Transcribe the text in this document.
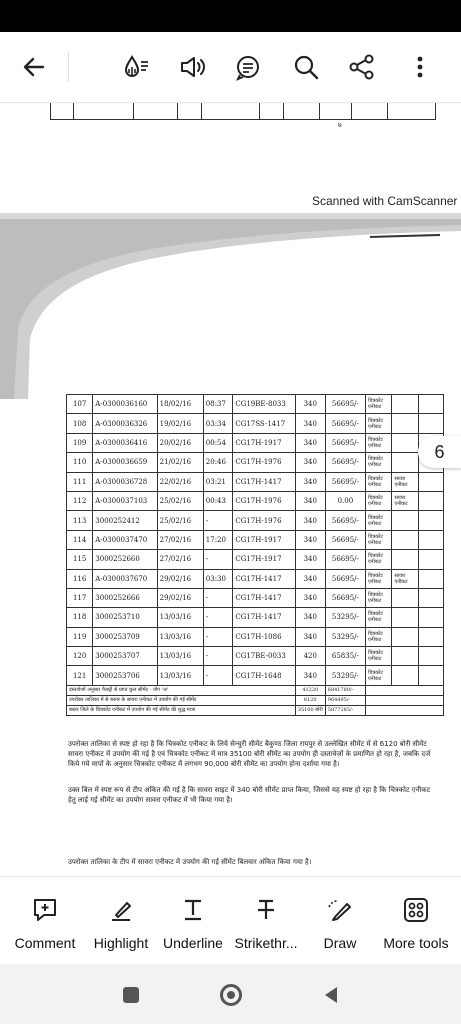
७
Scanned with CamScanner
107	A-0300036160	18/02/16	08:37	CG19BE-8033	340	56695/-	चित्रकोट एनीकट		
108	A-0300036326	19/02/16	03:34	CG17SS-1417	340	56695/-	चित्रकोट एनीकट		
109	A-0300036416	20/02/16	00:54	CG17H-1917	340	56695/-	चित्रकोट एनीकट		
110	A-0300036659	21/02/16	20:46	CG17H-1976	340	56695/-	चित्रकोट एनीकट		
111	A-0300036728	22/02/16	03:21	CG17H-1417	340	56695/-	चित्रकोट एनीकट	सावरा एनीकट	
112	A-0300037103	25/02/16	00:43	CG17H-1976	340	0.00	चित्रकोट एनीकट	सावरा एनीकट	
113	3000252412	25/02/16	-	CG17H-1976	340	56695/-	चित्रकोट एनीकट		
114	A-0300037470	27/02/16	17:20	CG17H-1917	340	56695/-	चित्रकोट एनीकट		
115	3000252660	27/02/16	-	CG17H-1917	340	56695/-	चित्रकोट एनीकट		
116	A-0300037670	29/02/16	03:30	CG17H-1417	340	56695/-	चित्रकोट एनीकट	सावरा एनीकट	
117	3000252666	29/02/16	-	CG17H-1417	340	56695/-	चित्रकोट एनीकट		
118	3000253710	13/03/16	-	CG17H-1417	340	53295/-	चित्रकोट एनीकट		
119	3000253709	13/03/16	-	CG17H-1086	340	53295/-	चित्रकोट एनीकट		
120	3000253707	13/03/16	-	CG17BE-0033	420	65835/-	चित्रकोट एनीकट		
121	3000253706	13/03/16	-	CG17H-1648	340	53295/-	चित्रकोट एनीकट		
दस्तावेजों अनुसार फैक्ट्री से प्राप्त कुल सीमेंट - योग 'अ'					41220	6841780/-			
उपरोक्त तालिका में से बस्तर के सावरा एनीकट में उपयोग की गई सीमेंट					6120	964495/-			
बस्तर जिले के चित्रकोट एनीकट में उपयोग की गई सीमेंट की शुद्ध मात्रा					35100 बोरी	5877285/-			
उपरोक्त तालिका से स्पष्ट हो रहा है कि चित्रकोट एनीकट के लिये सेन्चुरी सीमेंट बैकुण्ठ जिला रायपुर से उल्लेखित सीमेंट में से 6120 बोरी सीमेंट सावरा एनीकट में उपयोग की गई है एवं चित्रकोट एनीकट में मात्र 35100 बोरी सीमेंट का उपयोग ही दस्तावेजों के प्रमाणित हो रहा है, जबकि दर्ज किये गये मापों के अनुसार चित्रकोट एनीकट में लगभग 90,000 बोरी सीमेंट का उपयोग होना दर्शाया गया है।
उक्त बिल में स्पष्ट रूप से टीप अंकित की गई है कि सावरा साइट में 340 बोरी सीमेंट प्राप्त किया, जिससे यह स्पष्ट हो रहा है कि चित्रकोट एनीकट हेतु लाई गई सीमेंट का उपयोग सावरा एनीकट में भी किया गया है।
उपरोक्त तालिका के टीप में सावरा एनीकट में उपयोग की गई सीमेंट बिलवार अंकित किया गया है।
6
Comment Highlight Underline Strikethr... Draw More tools
